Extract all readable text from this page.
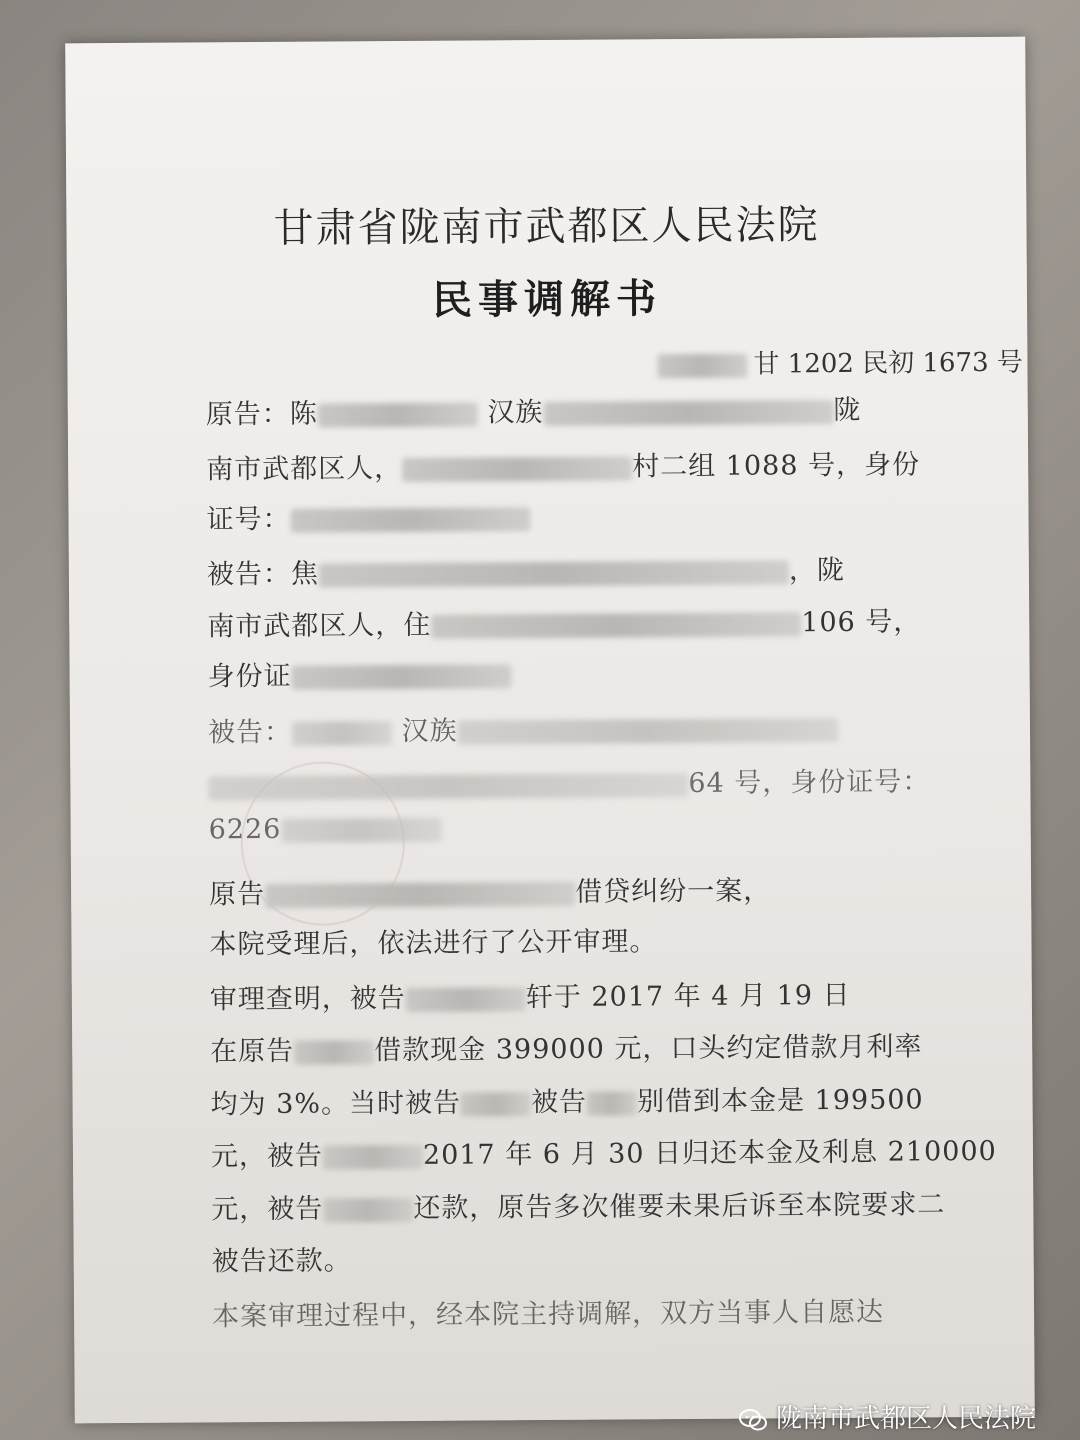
甘肃省陇南市武都区人民法院
民事调解书
甘 1202 民初 1673 号
原告：陈	汉族	陇
南市武都区人，	村二组 1088 号，身份
证号：
被告：焦	，陇
南市武都区人，住	106 号，
身份证
被告：	汉族
64 号，身份证号：
6226
原告	借贷纠纷一案，
本院受理后，依法进行了公开审理。
审理查明，被告	轩于 2017 年 4 月 19 日
在原告	借款现金 399000 元，口头约定借款月利率
均为 3%。当时被告	被告 别借到本金是 199500
元，被告	2017 年 6 月 30 日归还本金及利息 210000
元，被告	还款，原告多次催要未果后诉至本院要求二
被告还款。
本案审理过程中，经本院主持调解，双方当事人自愿达
陇南市武都区人民法院
